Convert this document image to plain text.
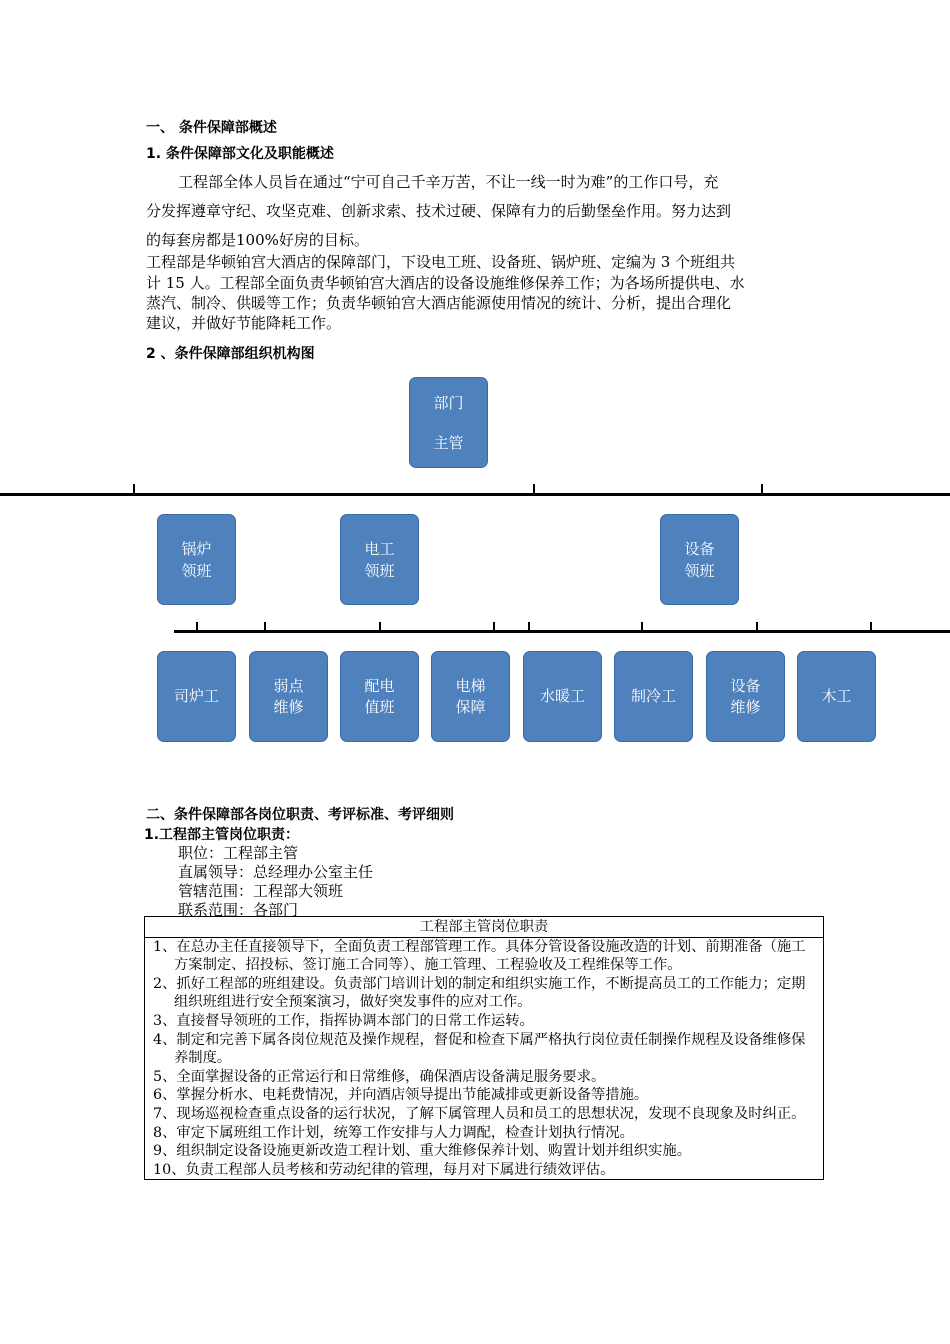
一、 条件保障部概述
1. 条件保障部文化及职能概述
工程部全体人员旨在通过“宁可自己千辛万苦，不让一线一时为难”的工作口号，充
分发挥遵章守纪、攻坚克难、创新求索、技术过硬、保障有力的后勤堡垒作用。努力达到
的每套房都是100%好房的目标。
工程部是华顿铂宫大酒店的保障部门，下设电工班、设备班、锅炉班、定编为 3 个班组共
计 15 人。工程部全面负责华顿铂宫大酒店的设备设施维修保养工作；为各场所提供电、水
蒸汽、制冷、供暖等工作；负责华顿铂宫大酒店能源使用情况的统计、分析，提出合理化
建议，并做好节能降耗工作。
2 、条件保障部组织机构图
部门
主管
锅炉
领班
电工
领班
设备
领班
司炉工
弱点
维修
配电
值班
电梯
保障
水暖工	制冷工
设备
维修
木工
二、条件保障部各岗位职责、考评标准、考评细则
1.工程部主管岗位职责：
职位：工程部主管
直属领导：总经理办公室主任
管辖范围：工程部大领班
联系范围：各部门
工程部主管岗位职责

1、在总办主任直接领导下，全面负责工程部管理工作。具体分管设备设施改造的计划、前期准备（施工方案制定、招投标、签订施工合同等）、施工管理、工程验收及工程维保等工作。
2、抓好工程部的班组建设。负责部门培训计划的制定和组织实施工作，不断提高员工的工作能力；定期组织班组进行安全预案演习，做好突发事件的应对工作。
3、直接督导领班的工作，指挥协调本部门的日常工作运转。
4、制定和完善下属各岗位规范及操作规程，督促和检查下属严格执行岗位责任制操作规程及设备维修保养制度。
5、全面掌握设备的正常运行和日常维修，确保酒店设备满足服务要求。
6、掌握分析水、电耗费情况，并向酒店领导提出节能减排或更新设备等措施。
7、现场巡视检查重点设备的运行状况，了解下属管理人员和员工的思想状况，发现不良现象及时纠正。
8、审定下属班组工作计划，统筹工作安排与人力调配，检查计划执行情况。
9、组织制定设备设施更新改造工程计划、重大维修保养计划、购置计划并组织实施。
10、负责工程部人员考核和劳动纪律的管理，每月对下属进行绩效评估。
